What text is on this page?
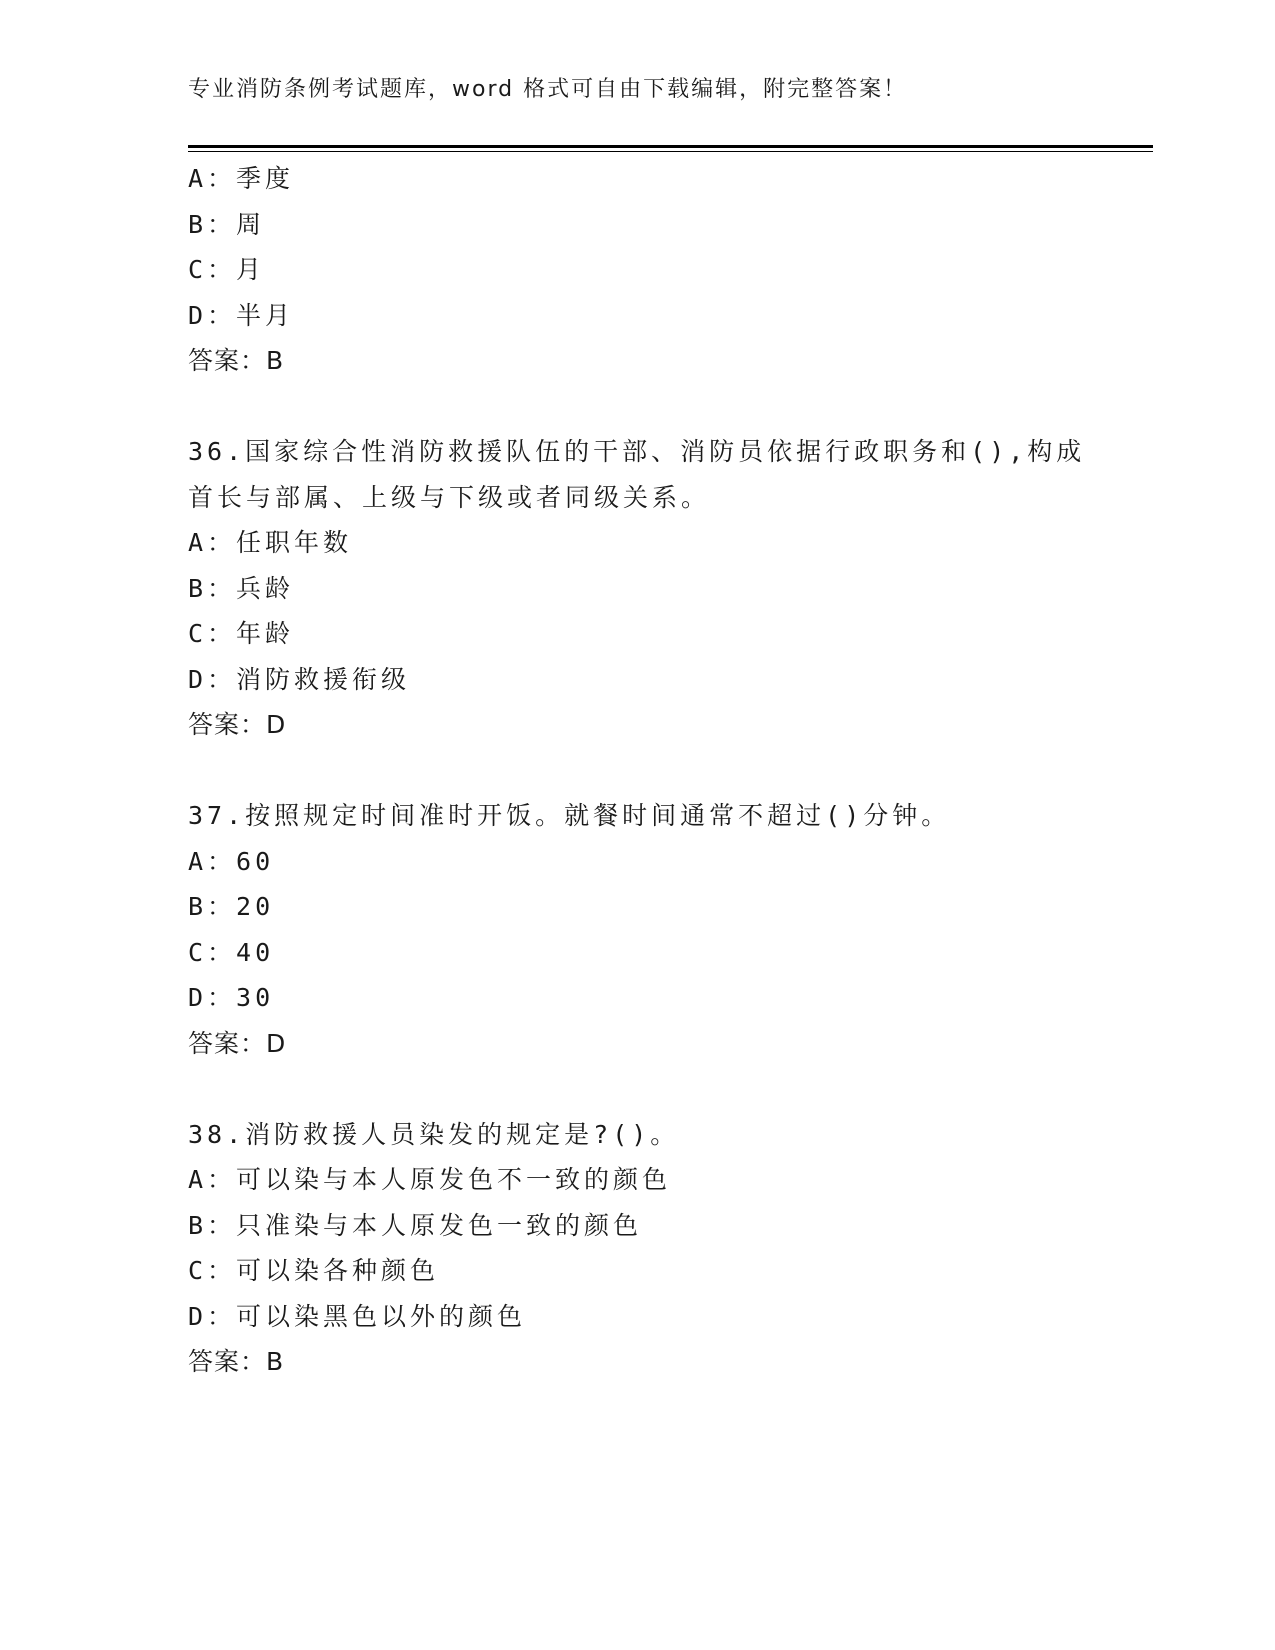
专业消防条例考试题库，word 格式可自由下载编辑，附完整答案！
A：季度
B：周
C：月
D：半月
答案：B
36.国家综合性消防救援队伍的干部、消防员依据行政职务和(),构成
首长与部属、上级与下级或者同级关系。
A：任职年数
B：兵龄
C：年龄
D：消防救援衔级
答案：D
37.按照规定时间准时开饭。就餐时间通常不超过()分钟。
A：60
B：20
C：40
D：30
答案：D
38.消防救援人员染发的规定是?()。
A：可以染与本人原发色不一致的颜色
B：只准染与本人原发色一致的颜色
C：可以染各种颜色
D：可以染黑色以外的颜色
答案：B
